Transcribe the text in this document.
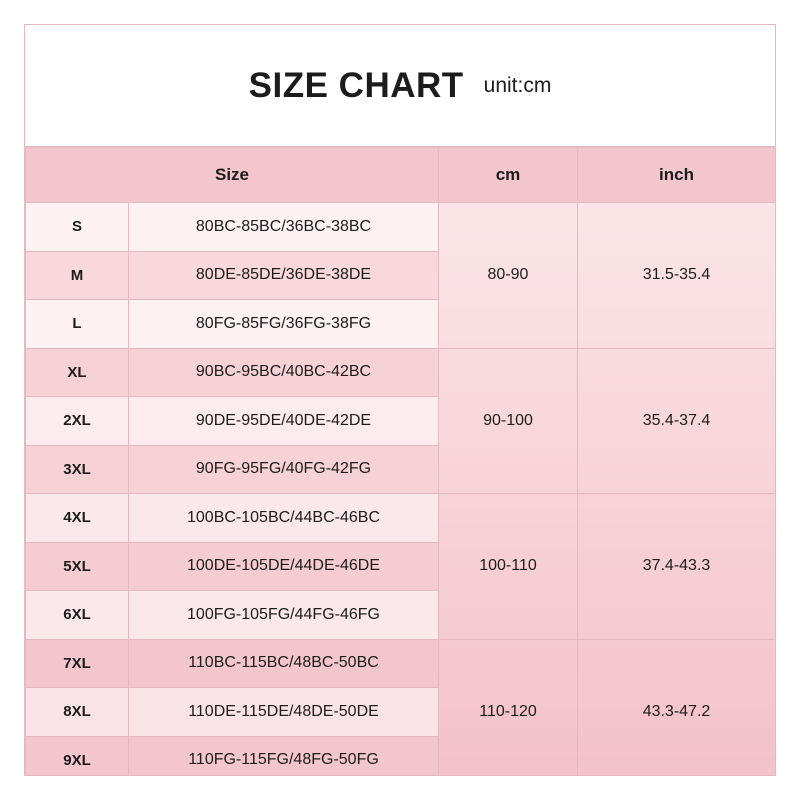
SIZE CHART unit:cm
Size		cm	inch
S	80BC-85BC/36BC-38BC	80-90	31.5-35.4
M	80DE-85DE/36DE-38DE		
L	80FG-85FG/36FG-38FG		
XL	90BC-95BC/40BC-42BC	90-100	35.4-37.4
2XL	90DE-95DE/40DE-42DE		
3XL	90FG-95FG/40FG-42FG		
4XL	100BC-105BC/44BC-46BC	100-110	37.4-43.3
5XL	100DE-105DE/44DE-46DE		
6XL	100FG-105FG/44FG-46FG		
7XL	110BC-115BC/48BC-50BC	110-120	43.3-47.2
8XL	110DE-115DE/48DE-50DE		
9XL	110FG-115FG/48FG-50FG		
